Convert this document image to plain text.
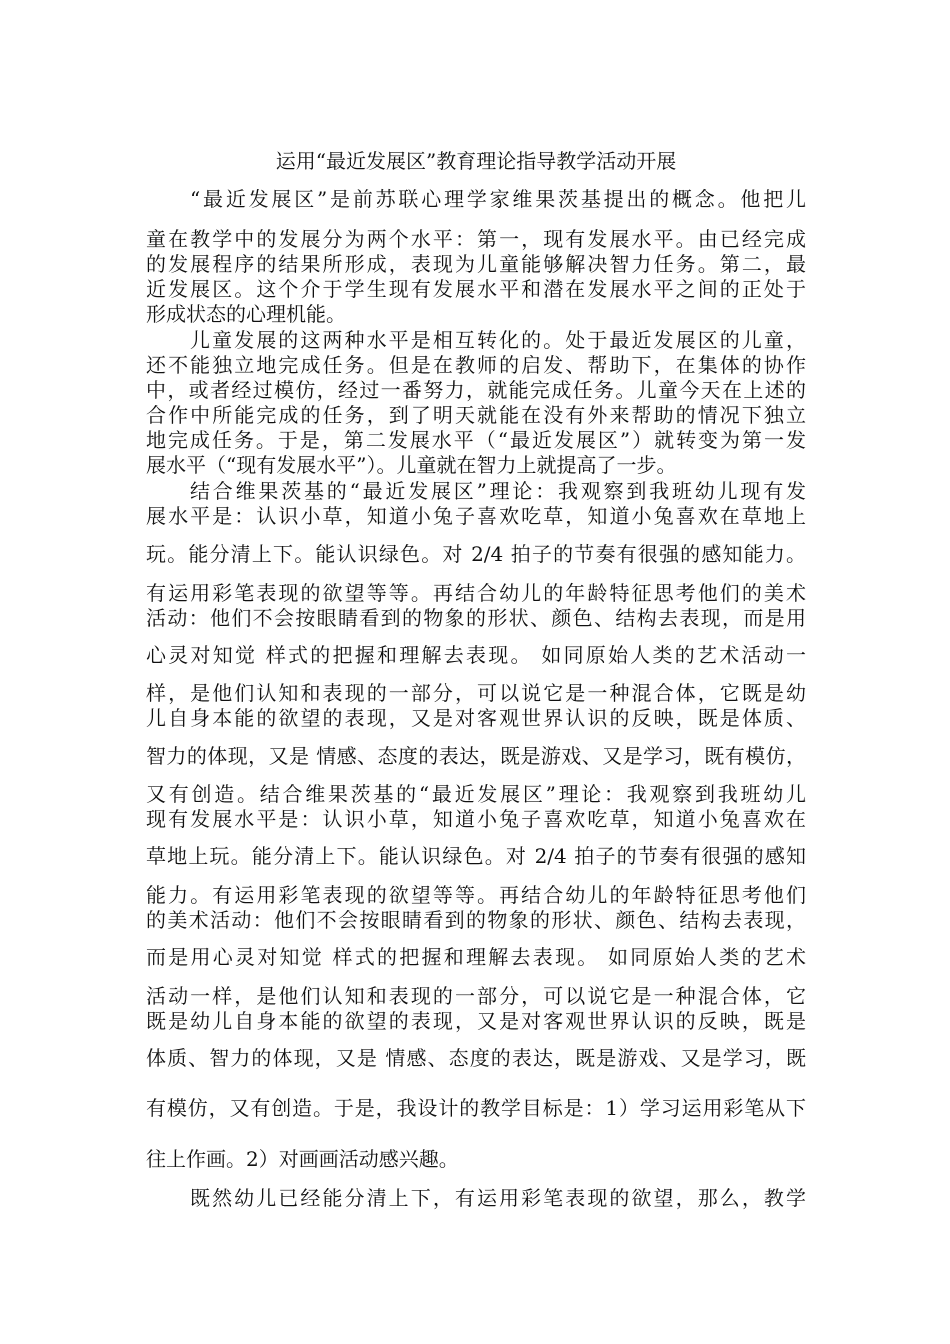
运用“最近发展区”教育理论指导教学活动开展
“最近发展区”是前苏联心理学家维果茨基提出的概念。他把儿
童在教学中的发展分为两个水平：第一，现有发展水平。由已经完成
的发展程序的结果所形成，表现为儿童能够解决智力任务。第二，最
近发展区。这个介于学生现有发展水平和潜在发展水平之间的正处于
形成状态的心理机能。
儿童发展的这两种水平是相互转化的。处于最近发展区的儿童，
还不能独立地完成任务。但是在教师的启发、帮助下，在集体的协作
中，或者经过模仿，经过一番努力，就能完成任务。儿童今天在上述的
合作中所能完成的任务，到了明天就能在没有外来帮助的情况下独立
地完成任务。于是，第二发展水平（“最近发展区”）就转变为第一发
展水平（“现有发展水平”）。儿童就在智力上就提高了一步。
结合维果茨基的“最近发展区”理论：我观察到我班幼儿现有发
展水平是：认识小草，知道小兔子喜欢吃草，知道小兔喜欢在草地上
玩。能分清上下。能认识绿色。对 2/4 拍子的节奏有很强的感知能力。
有运用彩笔表现的欲望等等。再结合幼儿的年龄特征思考他们的美术
活动：他们不会按眼睛看到的物象的形状、颜色、结构去表现，而是用
心灵对知觉 样式的把握和理解去表现。 如同原始人类的艺术活动一
样，是他们认知和表现的一部分，可以说它是一种混合体，它既是幼
儿自身本能的欲望的表现，又是对客观世界认识的反映，既是体质、
智力的体现，又是 情感、态度的表达，既是游戏、又是学习，既有模仿，
又有创造。结合维果茨基的“最近发展区”理论：我观察到我班幼儿
现有发展水平是：认识小草，知道小兔子喜欢吃草，知道小兔喜欢在
草地上玩。能分清上下。能认识绿色。对 2/4 拍子的节奏有很强的感知
能力。有运用彩笔表现的欲望等等。再结合幼儿的年龄特征思考他们
的美术活动：他们不会按眼睛看到的物象的形状、颜色、结构去表现，
而是用心灵对知觉 样式的把握和理解去表现。 如同原始人类的艺术
活动一样，是他们认知和表现的一部分，可以说它是一种混合体，它
既是幼儿自身本能的欲望的表现，又是对客观世界认识的反映，既是
体质、智力的体现，又是 情感、态度的表达，既是游戏、又是学习，既
有模仿，又有创造。于是，我设计的教学目标是：1）学习运用彩笔从下
往上作画。2）对画画活动感兴趣。
既然幼儿已经能分清上下，有运用彩笔表现的欲望，那么，教学
